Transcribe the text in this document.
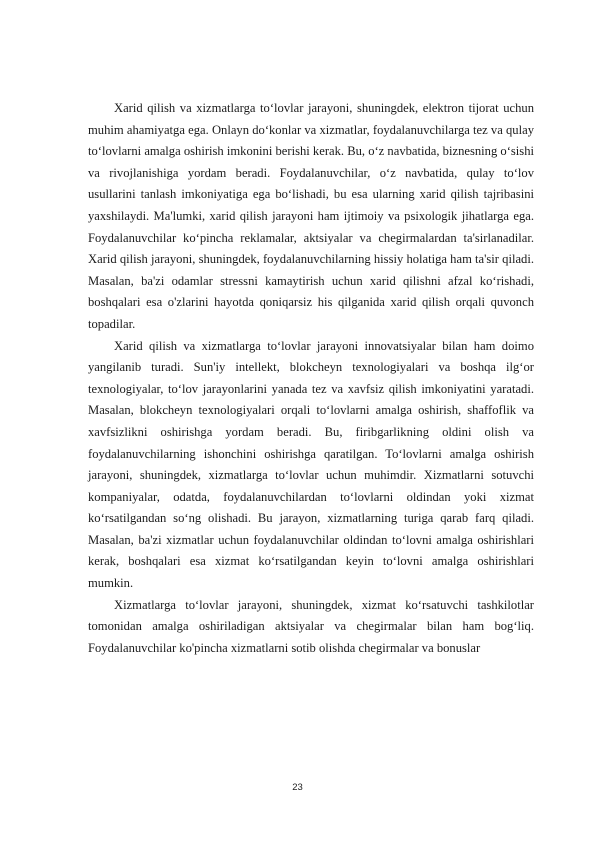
Xarid qilish va xizmatlarga to‘lovlar jarayoni, shuningdek, elektron tijorat uchun muhim ahamiyatga ega. Onlayn do‘konlar va xizmatlar, foydalanuvchilarga tez va qulay to‘lovlarni amalga oshirish imkonini berishi kerak. Bu, o‘z navbatida, biznesning o‘sishi va rivojlanishiga yordam beradi. Foydalanuvchilar, o‘z navbatida, qulay to‘lov usullarini tanlash imkoniyatiga ega bo‘lishadi, bu esa ularning xarid qilish tajribasini yaxshilaydi. Ma'lumki, xarid qilish jarayoni ham ijtimoiy va psixologik jihatlarga ega. Foydalanuvchilar ko‘pincha reklamalar, aktsiyalar va chegirmalardan ta'sirlanadilar. Xarid qilish jarayoni, shuningdek, foydalanuvchilarning hissiy holatiga ham ta'sir qiladi. Masalan, ba'zi odamlar stressni kamaytirish uchun xarid qilishni afzal ko‘rishadi, boshqalari esa o'zlarini hayotda qoniqarsiz his qilganida xarid qilish orqali quvonch topadilar.

Xarid qilish va xizmatlarga to‘lovlar jarayoni innovatsiyalar bilan ham doimo yangilanib turadi. Sun'iy intellekt, blokcheyn texnologiyalari va boshqa ilg‘or texnologiyalar, to‘lov jarayonlarini yanada tez va xavfsiz qilish imkoniyatini yaratadi. Masalan, blokcheyn texnologiyalari orqali to‘lovlarni amalga oshirish, shaffoflik va xavfsizlikni oshirishga yordam beradi. Bu, firibgarlikning oldini olish va foydalanuvchilarning ishonchini oshirishga qaratilgan. To‘lovlarni amalga oshirish jarayoni, shuningdek, xizmatlarga to‘lovlar uchun muhimdir. Xizmatlarni sotuvchi kompaniyalar, odatda, foydalanuvchilardan to‘lovlarni oldindan yoki xizmat ko‘rsatilgandan so‘ng olishadi. Bu jarayon, xizmatlarning turiga qarab farq qiladi. Masalan, ba'zi xizmatlar uchun foydalanuvchilar oldindan to‘lovni amalga oshirishlari kerak, boshqalari esa xizmat ko‘rsatilgandan keyin to‘lovni amalga oshirishlari mumkin.

Xizmatlarga to‘lovlar jarayoni, shuningdek, xizmat ko‘rsatuvchi tashkilotlar tomonidan amalga oshiriladigan aktsiyalar va chegirmalar bilan ham bog‘liq. Foydalanuvchilar ko'pincha xizmatlarni sotib olishda chegirmalar va bonuslar

23
